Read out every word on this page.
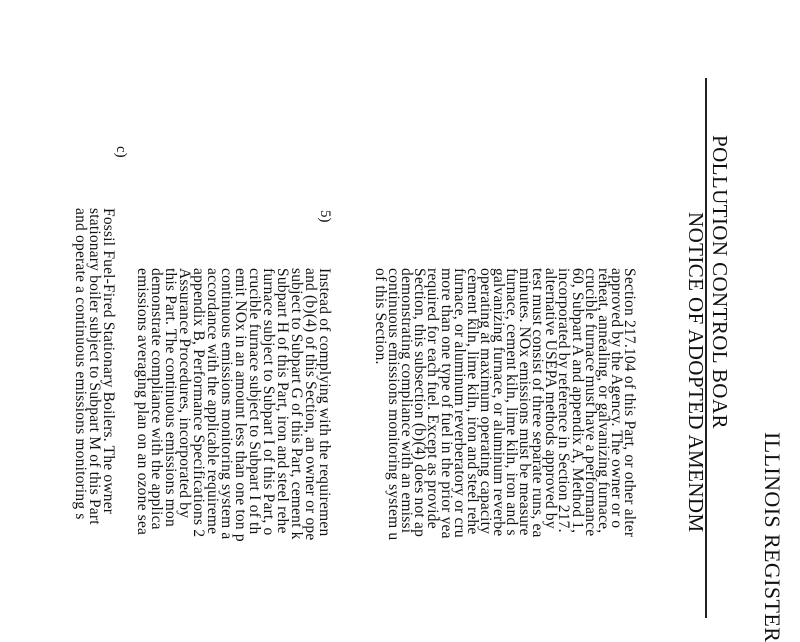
ILLINOIS REGISTER
POLLUTION CONTROL BOAR
NOTICE OF ADOPTED AMENDM
Section 217.104 of this Part, or other alter
approved by the Agency. The owner or o
reheat, annealing, or galvanizing furnace,
crucible furnace must have a performance
60, Subpart A and appendix A, Method 1,
incorporated by reference in Section 217.
alternative USEPA methods approved by
test must consist of three separate runs, ea
minutes. NOx emissions must be measure
furnace, cement kiln, lime kiln, iron and s
galvanizing furnace, or aluminum reverbe
operating at maximum operating capacity
cement kiln, lime kiln, iron and steel rehe
furnace, or aluminum reverberatory or cru
more than one type of fuel in the prior yea
required for each fuel. Except as provide
Section, this subsection (b)(4) does not ap
demonstrating compliance with an emissi
continuous emissions monitoring system u
of this Section.
5)
Instead of complying with the requiremen
and (b)(4) of this Section, an owner or ope
subject to Subpart G of this Part, cement k
Subpart H of this Part, iron and steel rehe
furnace subject to Subpart I of this Part, o
crucible furnace subject to Subpart I of th
emit NOx in an amount less than one ton p
continuous emissions monitoring system a
accordance with the applicable requireme
appendix B, Performance Specifications 2
Assurance Procedures, incorporated by
this Part. The continuous emissions mon
demonstrate compliance with the applica
emissions averaging plan on an ozone sea
c)
Fossil Fuel-Fired Stationary Boilers. The owner
stationary boiler subject to Subpart M of this Part
and operate a continuous emissions monitoring s
